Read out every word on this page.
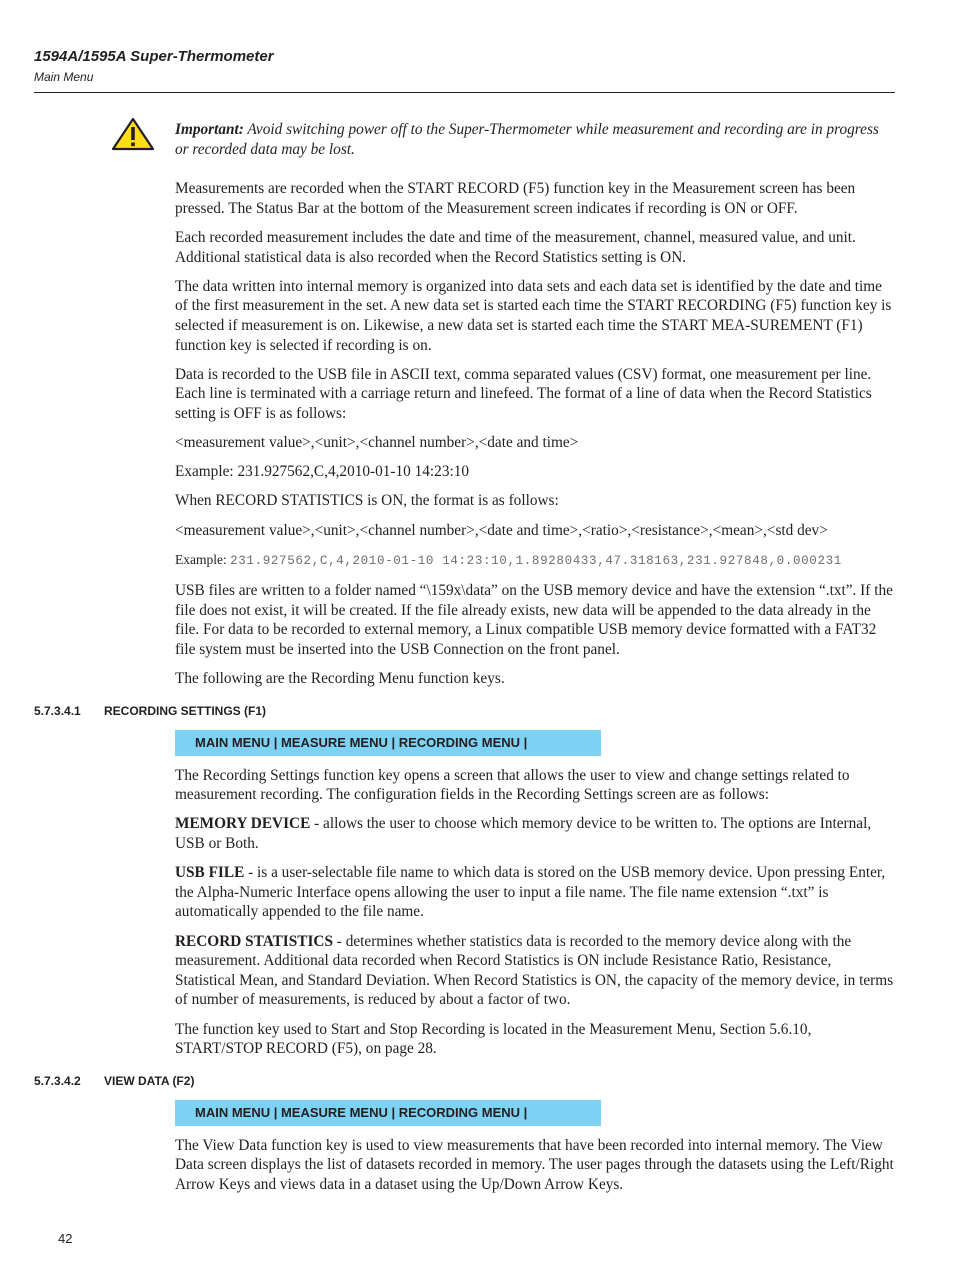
1594A/1595A Super-Thermometer
Main Menu

Important: Avoid switching power off to the Super-Thermometer while measurement and recording are in progress or recorded data may be lost.

Measurements are recorded when the START RECORD (F5) function key in the Measurement screen has been pressed. The Status Bar at the bottom of the Measurement screen indicates if recording is ON or OFF.

Each recorded measurement includes the date and time of the measurement, channel, measured value, and unit. Additional statistical data is also recorded when the Record Statistics setting is ON.

The data written into internal memory is organized into data sets and each data set is identified by the date and time of the first measurement in the set. A new data set is started each time the START RECORDING (F5) function key is selected if measurement is on. Likewise, a new data set is started each time the START MEA-SUREMENT (F1) function key is selected if recording is on.

Data is recorded to the USB file in ASCII text, comma separated values (CSV) format, one measurement per line. Each line is terminated with a carriage return and linefeed. The format of a line of data when the Record Statistics setting is OFF is as follows:

<measurement value>,<unit>,<channel number>,<date and time>

Example: 231.927562,C,4,2010-01-10 14:23:10

When RECORD STATISTICS is ON, the format is as follows:

<measurement value>,<unit>,<channel number>,<date and time>,<ratio>,<resistance>,<mean>,<std dev>

Example: 231.927562,C,4,2010-01-10 14:23:10,1.89280433,47.318163,231.927848,0.000231

USB files are written to a folder named “\159x\data” on the USB memory device and have the extension “.txt”. If the file does not exist, it will be created. If the file already exists, new data will be appended to the data already in the file. For data to be recorded to external memory, a Linux compatible USB memory device formatted with a FAT32 file system must be inserted into the USB Connection on the front panel.

The following are the Recording Menu function keys.

5.7.3.4.1 RECORDING SETTINGS (F1)
MAIN MENU | MEASURE MENU | RECORDING MENU |

The Recording Settings function key opens a screen that allows the user to view and change settings related to measurement recording. The configuration fields in the Recording Settings screen are as follows:

MEMORY DEVICE - allows the user to choose which memory device to be written to. The options are Internal, USB or Both.

USB FILE - is a user-selectable file name to which data is stored on the USB memory device. Upon pressing Enter, the Alpha-Numeric Interface opens allowing the user to input a file name. The file name extension “.txt” is automatically appended to the file name.

RECORD STATISTICS - determines whether statistics data is recorded to the memory device along with the measurement. Additional data recorded when Record Statistics is ON include Resistance Ratio, Resistance, Statistical Mean, and Standard Deviation. When Record Statistics is ON, the capacity of the memory device, in terms of number of measurements, is reduced by about a factor of two.

The function key used to Start and Stop Recording is located in the Measurement Menu, Section 5.6.10, START/STOP RECORD (F5), on page 28.

5.7.3.4.2 VIEW DATA (F2)
MAIN MENU | MEASURE MENU | RECORDING MENU |

The View Data function key is used to view measurements that have been recorded into internal memory. The View Data screen displays the list of datasets recorded in memory. The user pages through the datasets using the Left/Right Arrow Keys and views data in a dataset using the Up/Down Arrow Keys.

42
